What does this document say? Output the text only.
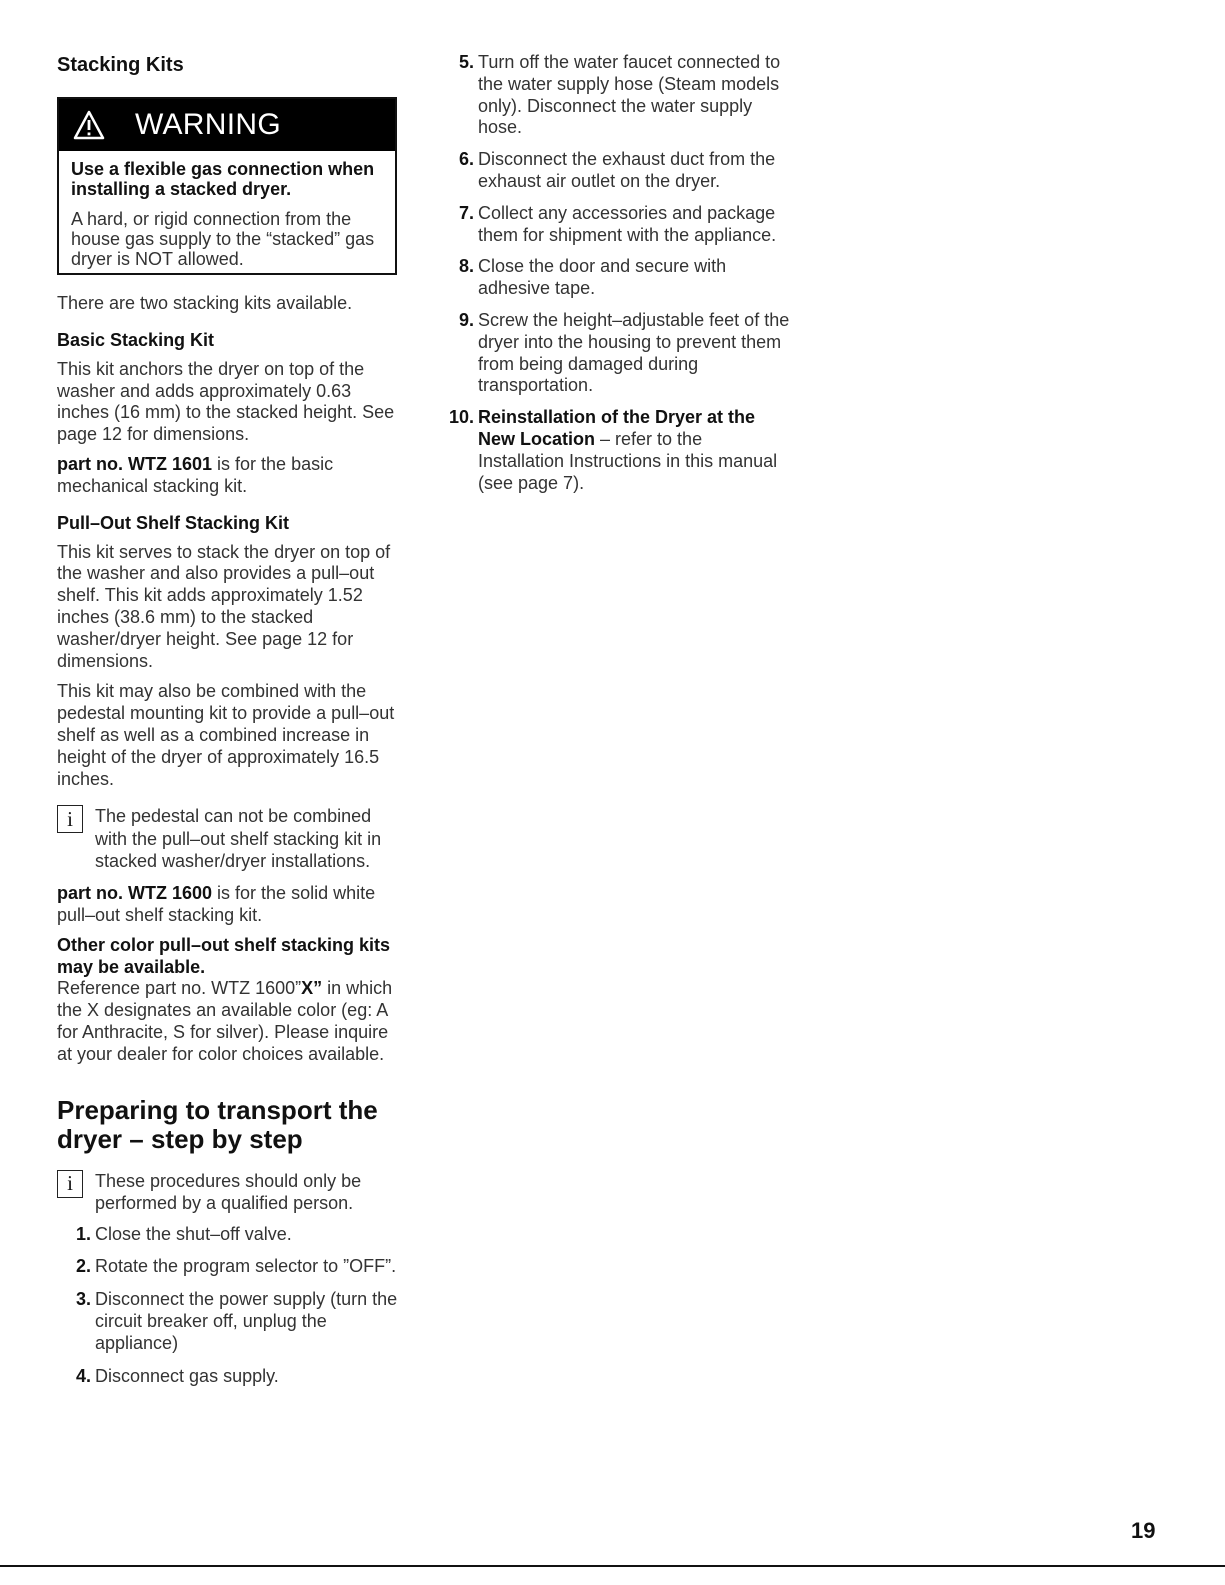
Stacking Kits
WARNING

Use a flexible gas connection when installing a stacked dryer.

A hard, or rigid connection from the house gas supply to the “stacked” gas dryer is NOT allowed.

There are two stacking kits available.

Basic Stacking Kit

This kit anchors the dryer on top of the washer and adds approximately 0.63 inches (16 mm) to the stacked height. See page 12 for dimensions.

part no. WTZ 1601 is for the basic mechanical stacking kit.

Pull–Out Shelf Stacking Kit

This kit serves to stack the dryer on top of the washer and also provides a pull–out shelf. This kit adds approximately 1.52 inches (38.6 mm) to the stacked washer/dryer height. See page 12 for dimensions.

This kit may also be combined with the pedestal mounting kit to provide a pull–out shelf as well as a combined increase in height of the dryer of approximately 16.5 inches.

i	The pedestal can not be combined with the pull–out shelf stacking kit in stacked washer/dryer installations.

part no. WTZ 1600 is for the solid white pull–out shelf stacking kit.

Other color pull–out shelf stacking kits may be available.

Reference part no. WTZ 1600”X” in which the X designates an available color (eg: A for Anthracite, S for silver). Please inquire at your dealer for color choices available.

Preparing to transport the dryer – step by step
i	These procedures should only be performed by a qualified person.
1. Close the shut–off valve.
2. Rotate the program selector to ”OFF”.
3. Disconnect the power supply (turn the circuit breaker off, unplug the appliance)
4. Disconnect gas supply.
5. Turn off the water faucet connected to the water supply hose (Steam models only). Disconnect the water supply hose.
6. Disconnect the exhaust duct from the exhaust air outlet on the dryer.
7. Collect any accessories and package them for shipment with the appliance.
8. Close the door and secure with adhesive tape.
9. Screw the height–adjustable feet of the dryer into the housing to prevent them from being damaged during transportation.
10. Reinstallation of the Dryer at the New Location – refer to the Installation Instructions in this manual (see page 7).
19
